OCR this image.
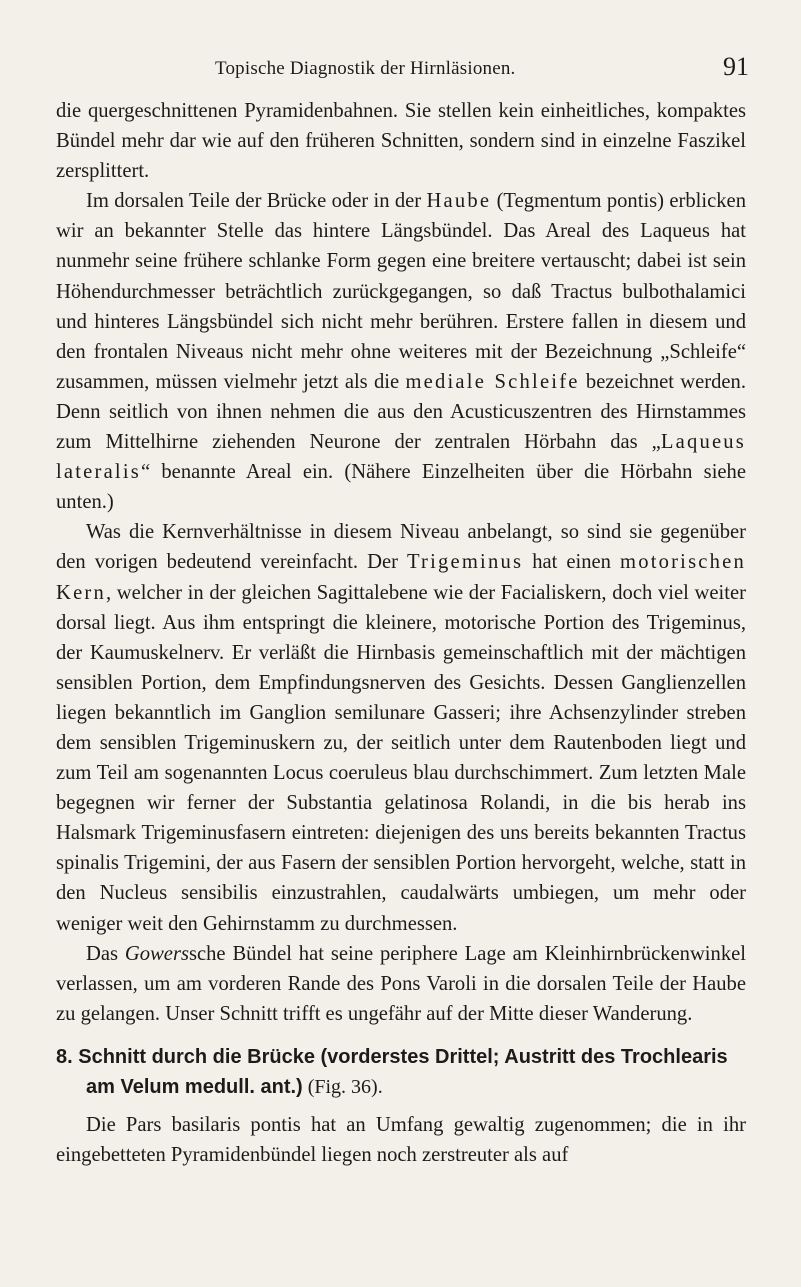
Topische Diagnostik der Hirnläsionen.	91

die quergeschnittenen Pyramidenbahnen. Sie stellen kein einheitliches, kompaktes Bündel mehr dar wie auf den früheren Schnitten, sondern sind in einzelne Faszikel zersplittert.

Im dorsalen Teile der Brücke oder in der Haube (Tegmentum pontis) erblicken wir an bekannter Stelle das hintere Längsbündel. Das Areal des Laqueus hat nunmehr seine frühere schlanke Form gegen eine breitere vertauscht; dabei ist sein Höhendurchmesser beträchtlich zurückgegangen, so daß Tractus bulbothalamici und hinteres Längsbündel sich nicht mehr berühren. Erstere fallen in diesem und den frontalen Niveaus nicht mehr ohne weiteres mit der Bezeichnung „Schleife“ zusammen, müssen vielmehr jetzt als die mediale Schleife bezeichnet werden. Denn seitlich von ihnen nehmen die aus den Acusticuszentren des Hirnstammes zum Mittelhirne ziehenden Neurone der zentralen Hörbahn das „Laqueus lateralis“ benannte Areal ein. (Nähere Einzelheiten über die Hörbahn siehe unten.)

Was die Kernverhältnisse in diesem Niveau anbelangt, so sind sie gegenüber den vorigen bedeutend vereinfacht. Der Trigeminus hat einen motorischen Kern, welcher in der gleichen Sagittalebene wie der Facialiskern, doch viel weiter dorsal liegt. Aus ihm entspringt die kleinere, motorische Portion des Trigeminus, der Kaumuskelnerv. Er verläßt die Hirnbasis gemeinschaftlich mit der mächtigen sensiblen Portion, dem Empfindungsnerven des Gesichts. Dessen Ganglienzellen liegen bekanntlich im Ganglion semilunare Gasseri; ihre Achsenzylinder streben dem sensiblen Trigeminuskern zu, der seitlich unter dem Rautenboden liegt und zum Teil am sogenannten Locus coeruleus blau durchschimmert. Zum letzten Male begegnen wir ferner der Substantia gelatinosa Rolandi, in die bis herab ins Halsmark Trigeminusfasern eintreten: diejenigen des uns bereits bekannten Tractus spinalis Trigemini, der aus Fasern der sensiblen Portion hervorgeht, welche, statt in den Nucleus sensibilis einzustrahlen, caudalwärts umbiegen, um mehr oder weniger weit den Gehirnstamm zu durchmessen.

Das Gowerssche Bündel hat seine periphere Lage am Kleinhirnbrückenwinkel verlassen, um am vorderen Rande des Pons Varoli in die dorsalen Teile der Haube zu gelangen. Unser Schnitt trifft es ungefähr auf der Mitte dieser Wanderung.

8. Schnitt durch die Brücke (vorderstes Drittel; Austritt des Trochlearis am Velum medull. ant.) (Fig. 36).

Die Pars basilaris pontis hat an Umfang gewaltig zugenommen; die in ihr eingebetteten Pyramidenbündel liegen noch zerstreuter als auf
